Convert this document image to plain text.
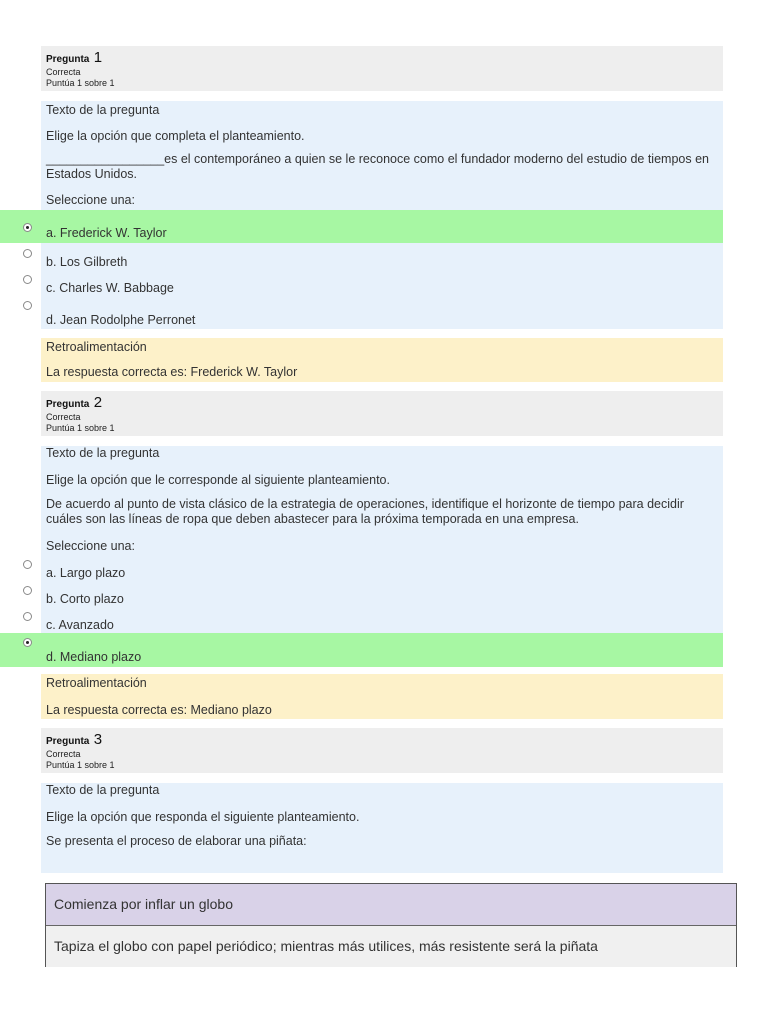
Pregunta 1
Correcta
Puntúa 1 sobre 1
Texto de la pregunta
Elige la opción que completa el planteamiento.
_________________es el contemporáneo a quien se le reconoce como el fundador moderno del estudio de tiempos en Estados Unidos.
Seleccione una:
a. Frederick W. Taylor
b. Los Gilbreth
c. Charles W. Babbage
d. Jean Rodolphe Perronet
Retroalimentación
La respuesta correcta es: Frederick W. Taylor
Pregunta 2
Correcta
Puntúa 1 sobre 1
Texto de la pregunta
Elige la opción que le corresponde al siguiente planteamiento.
De acuerdo al punto de vista clásico de la estrategia de operaciones, identifique el horizonte de tiempo para decidir cuáles son las líneas de ropa que deben abastecer para la próxima temporada en una empresa.
Seleccione una:
a. Largo plazo
b. Corto plazo
c. Avanzado
d. Mediano plazo
Retroalimentación
La respuesta correcta es: Mediano plazo
Pregunta 3
Correcta
Puntúa 1 sobre 1
Texto de la pregunta
Elige la opción que responda el siguiente planteamiento.
Se presenta el proceso de elaborar una piñata:
Comienza por inflar un globo
Tapiza el globo con papel periódico; mientras más utilices, más resistente será la piñata
